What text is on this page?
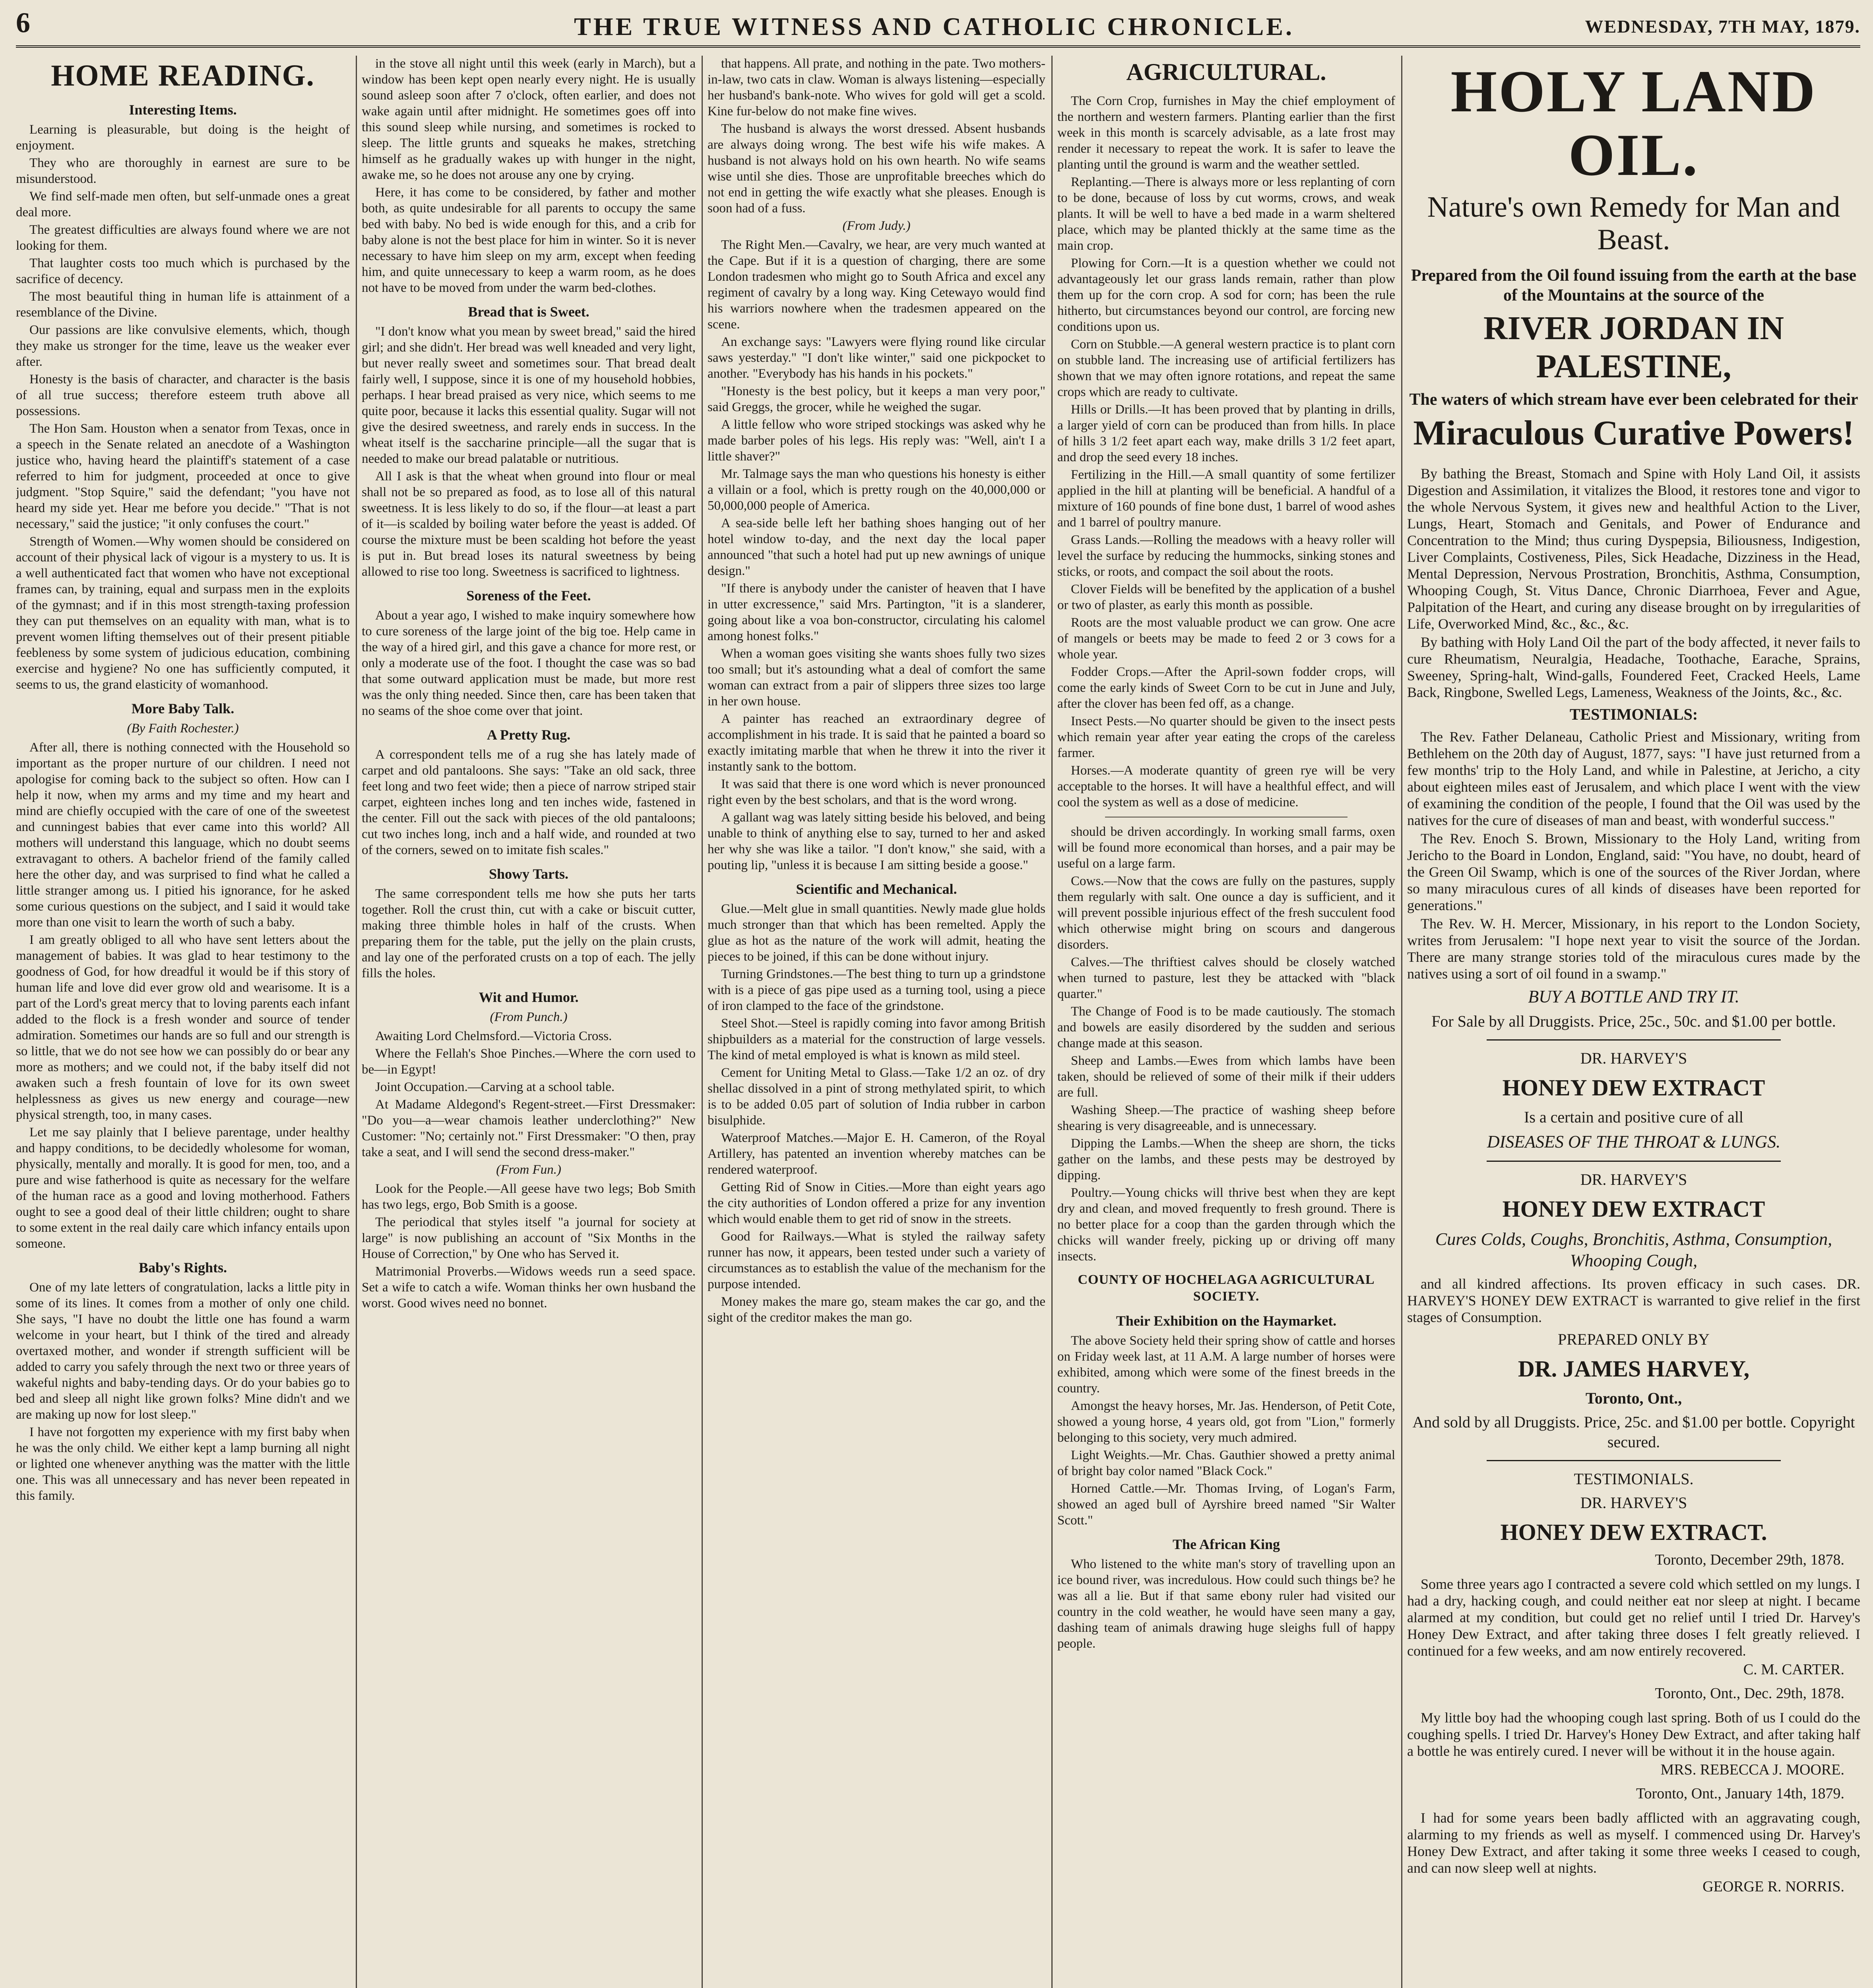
6	THE TRUE WITNESS AND CATHOLIC CHRONICLE.	WEDNESDAY, 7TH MAY, 1879.
HOME READING.
Interesting Items.

Learning is pleasurable, but doing is the height of enjoyment.

They who are thoroughly in earnest are sure to be misunderstood.

We find self-made men often, but self-unmade ones a great deal more.

The greatest difficulties are always found where we are not looking for them.

That laughter costs too much which is purchased by the sacrifice of decency.

The most beautiful thing in human life is attainment of a resemblance of the Divine.

Our passions are like convulsive elements, which, though they make us stronger for the time, leave us the weaker ever after.

Honesty is the basis of character, and character is the basis of all true success; therefore esteem truth above all possessions.

The Hon Sam. Houston when a senator from Texas, once in a speech in the Senate related an anecdote of a Washington justice who, having heard the plaintiff's statement of a case referred to him for judgment, proceeded at once to give judgment. "Stop Squire," said the defendant; "you have not heard my side yet. Hear me before you decide." "That is not necessary," said the justice; "it only confuses the court."

Strength of Women.—Why women should be considered on account of their physical lack of vigour is a mystery to us. It is a well authenticated fact that women who have not exceptional frames can, by training, equal and surpass men in the exploits of the gymnast; and if in this most strength-taxing profession they can put themselves on an equality with man, what is to prevent women lifting themselves out of their present pitiable feebleness by some system of judicious education, combining exercise and hygiene? No one has sufficiently computed, it seems to us, the grand elasticity of womanhood.

More Baby Talk.
(By Faith Rochester.)

After all, there is nothing connected with the Household so important as the proper nurture of our children. I need not apologise for coming back to the subject so often. How can I help it now, when my arms and my time and my heart and mind are chiefly occupied with the care of one of the sweetest and cunningest babies that ever came into this world? All mothers will understand this language, which no doubt seems extravagant to others. A bachelor friend of the family called here the other day, and was surprised to find what he called a little stranger among us. I pitied his ignorance, for he asked some curious questions on the subject, and I said it would take more than one visit to learn the worth of such a baby.

I am greatly obliged to all who have sent letters about the management of babies. It was glad to hear testimony to the goodness of God, for how dreadful it would be if this story of human life and love did ever grow old and wearisome. It is a part of the Lord's great mercy that to loving parents each infant added to the flock is a fresh wonder and source of tender admiration. Sometimes our hands are so full and our strength is so little, that we do not see how we can possibly do or bear any more as mothers; and we could not, if the baby itself did not awaken such a fresh fountain of love for its own sweet helplessness as gives us new energy and courage—new physical strength, too, in many cases.

Let me say plainly that I believe parentage, under healthy and happy conditions, to be decidedly wholesome for woman, physically, mentally and morally. It is good for men, too, and a pure and wise fatherhood is quite as necessary for the welfare of the human race as a good and loving motherhood. Fathers ought to see a good deal of their little children; ought to share to some extent in the real daily care which infancy entails upon someone.

Baby's Rights.

One of my late letters of congratulation, lacks a little pity in some of its lines. It comes from a mother of only one child. She says, "I have no doubt the little one has found a warm welcome in your heart, but I think of the tired and already overtaxed mother, and wonder if strength sufficient will be added to carry you safely through the next two or three years of wakeful nights and baby-tending days. Or do your babies go to bed and sleep all night like grown folks? Mine didn't and we are making up now for lost sleep."

I have not forgotten my experience with my first baby when he was the only child. We either kept a lamp burning all night or lighted one whenever anything was the matter with the little one. This was all unnecessary and has never been repeated in this family.

in the stove all night until this week (early in March), but a window has been kept open nearly every night. He is usually sound asleep soon after 7 o'clock, often earlier, and does not wake again until after midnight. He sometimes goes off into this sound sleep while nursing, and sometimes is rocked to sleep. The little grunts and squeaks he makes, stretching himself as he gradually wakes up with hunger in the night, awake me, so he does not arouse any one by crying.

Here, it has come to be considered, by father and mother both, as quite undesirable for all parents to occupy the same bed with baby. No bed is wide enough for this, and a crib for baby alone is not the best place for him in winter. So it is never necessary to have him sleep on my arm, except when feeding him, and quite unnecessary to keep a warm room, as he does not have to be moved from under the warm bed-clothes.

Bread that is Sweet.

"I don't know what you mean by sweet bread," said the hired girl; and she didn't. Her bread was well kneaded and very light, but never really sweet and sometimes sour. That bread dealt fairly well, I suppose, since it is one of my household hobbies, perhaps. I hear bread praised as very nice, which seems to me quite poor, because it lacks this essential quality. Sugar will not give the desired sweetness, and rarely ends in success. In the wheat itself is the saccharine principle—all the sugar that is needed to make our bread palatable or nutritious.

All I ask is that the wheat when ground into flour or meal shall not be so prepared as food, as to lose all of this natural sweetness. It is less likely to do so, if the flour—at least a part of it—is scalded by boiling water before the yeast is added. Of course the mixture must be been scalding hot before the yeast is put in. But bread loses its natural sweetness by being allowed to rise too long. Sweetness is sacrificed to lightness.

Soreness of the Feet.

About a year ago, I wished to make inquiry somewhere how to cure soreness of the large joint of the big toe. Help came in the way of a hired girl, and this gave a chance for more rest, or only a moderate use of the foot. I thought the case was so bad that some outward application must be made, but more rest was the only thing needed. Since then, care has been taken that no seams of the shoe come over that joint.

A Pretty Rug.

A correspondent tells me of a rug she has lately made of carpet and old pantaloons. She says: "Take an old sack, three feet long and two feet wide; then a piece of narrow striped stair carpet, eighteen inches long and ten inches wide, fastened in the center. Fill out the sack with pieces of the old pantaloons; cut two inches long, inch and a half wide, and rounded at two of the corners, sewed on to imitate fish scales."

Showy Tarts.

The same correspondent tells me how she puts her tarts together. Roll the crust thin, cut with a cake or biscuit cutter, making three thimble holes in half of the crusts. When preparing them for the table, put the jelly on the plain crusts, and lay one of the perforated crusts on a top of each. The jelly fills the holes.

Wit and Humor.
(From Punch.)

Awaiting Lord Chelmsford.—Victoria Cross.

Where the Fellah's Shoe Pinches.—Where the corn used to be—in Egypt!

Joint Occupation.—Carving at a school table.

At Madame Aldegond's Regent-street.—First Dressmaker: "Do you—a—wear chamois leather underclothing?" New Customer: "No; certainly not." First Dressmaker: "O then, pray take a seat, and I will send the second dress-maker."

(From Fun.)

Look for the People.—All geese have two legs; Bob Smith has two legs, ergo, Bob Smith is a goose.

The periodical that styles itself "a journal for society at large" is now publishing an account of "Six Months in the House of Correction," by One who has Served it.

Matrimonial Proverbs.—Widows weeds run a seed space. Set a wife to catch a wife. Woman thinks her own husband the worst. Good wives need no bonnet.

that happens. All prate, and nothing in the pate. Two mothers-in-law, two cats in claw. Woman is always listening—especially her husband's bank-note. Who wives for gold will get a scold. Kine fur-below do not make fine wives.

The husband is always the worst dressed. Absent husbands are always doing wrong. The best wife his wife makes. A husband is not always hold on his own hearth. No wife seams wise until she dies. Those are unprofitable breeches which do not end in getting the wife exactly what she pleases. Enough is soon had of a fuss.

(From Judy.)

The Right Men.—Cavalry, we hear, are very much wanted at the Cape. But if it is a question of charging, there are some London tradesmen who might go to South Africa and excel any regiment of cavalry by a long way. King Cetewayo would find his warriors nowhere when the tradesmen appeared on the scene.

An exchange says: "Lawyers were flying round like circular saws yesterday." "I don't like winter," said one pickpocket to another. "Everybody has his hands in his pockets."

"Honesty is the best policy, but it keeps a man very poor," said Greggs, the grocer, while he weighed the sugar.

A little fellow who wore striped stockings was asked why he made barber poles of his legs. His reply was: "Well, ain't I a little shaver?"

Mr. Talmage says the man who questions his honesty is either a villain or a fool, which is pretty rough on the 40,000,000 or 50,000,000 people of America.

A sea-side belle left her bathing shoes hanging out of her hotel window to-day, and the next day the local paper announced "that such a hotel had put up new awnings of unique design."

"If there is anybody under the canister of heaven that I have in utter excressence," said Mrs. Partington, "it is a slanderer, going about like a voa bon-constructor, circulating his calomel among honest folks."

When a woman goes visiting she wants shoes fully two sizes too small; but it's astounding what a deal of comfort the same woman can extract from a pair of slippers three sizes too large in her own house.

A painter has reached an extraordinary degree of accomplishment in his trade. It is said that he painted a board so exactly imitating marble that when he threw it into the river it instantly sank to the bottom.

It was said that there is one word which is never pronounced right even by the best scholars, and that is the word wrong.

A gallant wag was lately sitting beside his beloved, and being unable to think of anything else to say, turned to her and asked her why she was like a tailor. "I don't know," she said, with a pouting lip, "unless it is because I am sitting beside a goose."

Scientific and Mechanical.

Glue.—Melt glue in small quantities. Newly made glue holds much stronger than that which has been remelted. Apply the glue as hot as the nature of the work will admit, heating the pieces to be joined, if this can be done without injury.

Turning Grindstones.—The best thing to turn up a grindstone with is a piece of gas pipe used as a turning tool, using a piece of iron clamped to the face of the grindstone.

Steel Shot.—Steel is rapidly coming into favor among British shipbuilders as a material for the construction of large vessels. The kind of metal employed is what is known as mild steel.

Cement for Uniting Metal to Glass.—Take 1/2 an oz. of dry shellac dissolved in a pint of strong methylated spirit, to which is to be added 0.05 part of solution of India rubber in carbon bisulphide.

Waterproof Matches.—Major E. H. Cameron, of the Royal Artillery, has patented an invention whereby matches can be rendered waterproof.

Getting Rid of Snow in Cities.—More than eight years ago the city authorities of London offered a prize for any invention which would enable them to get rid of snow in the streets.

Good for Railways.—What is styled the railway safety runner has now, it appears, been tested under such a variety of circumstances as to establish the value of the mechanism for the purpose intended.

Money makes the mare go, steam makes the car go, and the sight of the creditor makes the man go.

AGRICULTURAL.

The Corn Crop, furnishes in May the chief employment of the northern and western farmers. Planting earlier than the first week in this month is scarcely advisable, as a late frost may render it necessary to repeat the work. It is safer to leave the planting until the ground is warm and the weather settled.

Replanting.—There is always more or less replanting of corn to be done, because of loss by cut worms, crows, and weak plants. It will be well to have a bed made in a warm sheltered place, which may be planted thickly at the same time as the main crop.

Plowing for Corn.—It is a question whether we could not advantageously let our grass lands remain, rather than plow them up for the corn crop. A sod for corn; has been the rule hitherto, but circumstances beyond our control, are forcing new conditions upon us.

Corn on Stubble.—A general western practice is to plant corn on stubble land. The increasing use of artificial fertilizers has shown that we may often ignore rotations, and repeat the same crops which are ready to cultivate.

Hills or Drills.—It has been proved that by planting in drills, a larger yield of corn can be produced than from hills. In place of hills 3 1/2 feet apart each way, make drills 3 1/2 feet apart, and drop the seed every 18 inches.

Fertilizing in the Hill.—A small quantity of some fertilizer applied in the hill at planting will be beneficial. A handful of a mixture of 160 pounds of fine bone dust, 1 barrel of wood ashes and 1 barrel of poultry manure.

Grass Lands.—Rolling the meadows with a heavy roller will level the surface by reducing the hummocks, sinking stones and sticks, or roots, and compact the soil about the roots.

Clover Fields will be benefited by the application of a bushel or two of plaster, as early this month as possible.

Roots are the most valuable product we can grow. One acre of mangels or beets may be made to feed 2 or 3 cows for a whole year.

Fodder Crops.—After the April-sown fodder crops, will come the early kinds of Sweet Corn to be cut in June and July, after the clover has been fed off, as a change.

Insect Pests.—No quarter should be given to the insect pests which remain year after year eating the crops of the careless farmer.

Horses.—A moderate quantity of green rye will be very acceptable to the horses. It will have a healthful effect, and will cool the system as well as a dose of medicine.

should be driven accordingly. In working small farms, oxen will be found more economical than horses, and a pair may be useful on a large farm.

Cows.—Now that the cows are fully on the pastures, supply them regularly with salt. One ounce a day is sufficient, and it will prevent possible injurious effect of the fresh succulent food which otherwise might bring on scours and dangerous disorders.

Calves.—The thriftiest calves should be closely watched when turned to pasture, lest they be attacked with "black quarter."

The Change of Food is to be made cautiously. The stomach and bowels are easily disordered by the sudden and serious change made at this season.

Sheep and Lambs.—Ewes from which lambs have been taken, should be relieved of some of their milk if their udders are full.

Washing Sheep.—The practice of washing sheep before shearing is very disagreeable, and is unnecessary.

Dipping the Lambs.—When the sheep are shorn, the ticks gather on the lambs, and these pests may be destroyed by dipping.

Poultry.—Young chicks will thrive best when they are kept dry and clean, and moved frequently to fresh ground. There is no better place for a coop than the garden through which the chicks will wander freely, picking up or driving off many insects.

COUNTY OF HOCHELAGA AGRICULTURAL SOCIETY.
Their Exhibition on the Haymarket.

The above Society held their spring show of cattle and horses on Friday week last, at 11 A.M. A large number of horses were exhibited, among which were some of the finest breeds in the country.

Amongst the heavy horses, Mr. Jas. Henderson, of Petit Cote, showed a young horse, 4 years old, got from "Lion," formerly belonging to this society, very much admired.

Light Weights.—Mr. Chas. Gauthier showed a pretty animal of bright bay color named "Black Cock."

Horned Cattle.—Mr. Thomas Irving, of Logan's Farm, showed an aged bull of Ayrshire breed named "Sir Walter Scott."

The African King

Who listened to the white man's story of travelling upon an ice bound river, was incredulous. How could such things be? he was all a lie. But if that same ebony ruler had visited our country in the cold weather, he would have seen many a gay, dashing team of animals drawing huge sleighs full of happy people.

HOLY LAND OIL.
Nature's own Remedy for Man and Beast.
Prepared from the Oil found issuing from the earth at the base of the Mountains at the source of the
RIVER JORDAN IN PALESTINE,
The waters of which stream have ever been celebrated for their
Miraculous Curative Powers!

By bathing the Breast, Stomach and Spine with Holy Land Oil, it assists Digestion and Assimilation, it vitalizes the Blood, it restores tone and vigor to the whole Nervous System, it gives new and healthful Action to the Liver, Lungs, Heart, Stomach and Genitals, and Power of Endurance and Concentration to the Mind; thus curing Dyspepsia, Biliousness, Indigestion, Liver Complaints, Costiveness, Piles, Sick Headache, Dizziness in the Head, Mental Depression, Nervous Prostration, Bronchitis, Asthma, Consumption, Whooping Cough, St. Vitus Dance, Chronic Diarrhoea, Fever and Ague, Palpitation of the Heart, and curing any disease brought on by irregularities of Life, Overworked Mind, &c., &c., &c.

By bathing with Holy Land Oil the part of the body affected, it never fails to cure Rheumatism, Neuralgia, Headache, Toothache, Earache, Sprains, Sweeney, Spring-halt, Wind-galls, Foundered Feet, Cracked Heels, Lame Back, Ringbone, Swelled Legs, Lameness, Weakness of the Joints, &c., &c.

TESTIMONIALS:

The Rev. Father Delaneau, Catholic Priest and Missionary, writing from Bethlehem on the 20th day of August, 1877, says: "I have just returned from a few months' trip to the Holy Land, and while in Palestine, at Jericho, a city about eighteen miles east of Jerusalem, and which place I went with the view of examining the condition of the people, I found that the Oil was used by the natives for the cure of diseases of man and beast, with wonderful success."

The Rev. Enoch S. Brown, Missionary to the Holy Land, writing from Jericho to the Board in London, England, said: "You have, no doubt, heard of the Green Oil Swamp, which is one of the sources of the River Jordan, where so many miraculous cures of all kinds of diseases have been reported for generations."

The Rev. W. H. Mercer, Missionary, in his report to the London Society, writes from Jerusalem: "I hope next year to visit the source of the Jordan. There are many strange stories told of the miraculous cures made by the natives using a sort of oil found in a swamp."

BUY A BOTTLE AND TRY IT.
For Sale by all Druggists. Price, 25c., 50c. and $1.00 per bottle.
DR. HARVEY'S
HONEY DEW EXTRACT
Is a certain and positive cure of all
DISEASES OF THE THROAT & LUNGS.
DR. HARVEY'S
HONEY DEW EXTRACT
Cures Colds, Coughs, Bronchitis, Asthma, Consumption, Whooping Cough,

and all kindred affections. Its proven efficacy in such cases. DR. HARVEY'S HONEY DEW EXTRACT is warranted to give relief in the first stages of Consumption.

PREPARED ONLY BY
DR. JAMES HARVEY,
Toronto, Ont.,
And sold by all Druggists. Price, 25c. and $1.00 per bottle. Copyright secured.
TESTIMONIALS.
DR. HARVEY'S
HONEY DEW EXTRACT.
Toronto, December 29th, 1878.

Some three years ago I contracted a severe cold which settled on my lungs. I had a dry, hacking cough, and could neither eat nor sleep at night. I became alarmed at my condition, but could get no relief until I tried Dr. Harvey's Honey Dew Extract, and after taking three doses I felt greatly relieved. I continued for a few weeks, and am now entirely recovered.

C. M. CARTER.
Toronto, Ont., Dec. 29th, 1878.

My little boy had the whooping cough last spring. Both of us I could do the coughing spells. I tried Dr. Harvey's Honey Dew Extract, and after taking half a bottle he was entirely cured. I never will be without it in the house again.

MRS. REBECCA J. MOORE.
Toronto, Ont., January 14th, 1879.

I had for some years been badly afflicted with an aggravating cough, alarming to my friends as well as myself. I commenced using Dr. Harvey's Honey Dew Extract, and after taking it some three weeks I ceased to cough, and can now sleep well at nights.

GEORGE R. NORRIS.
